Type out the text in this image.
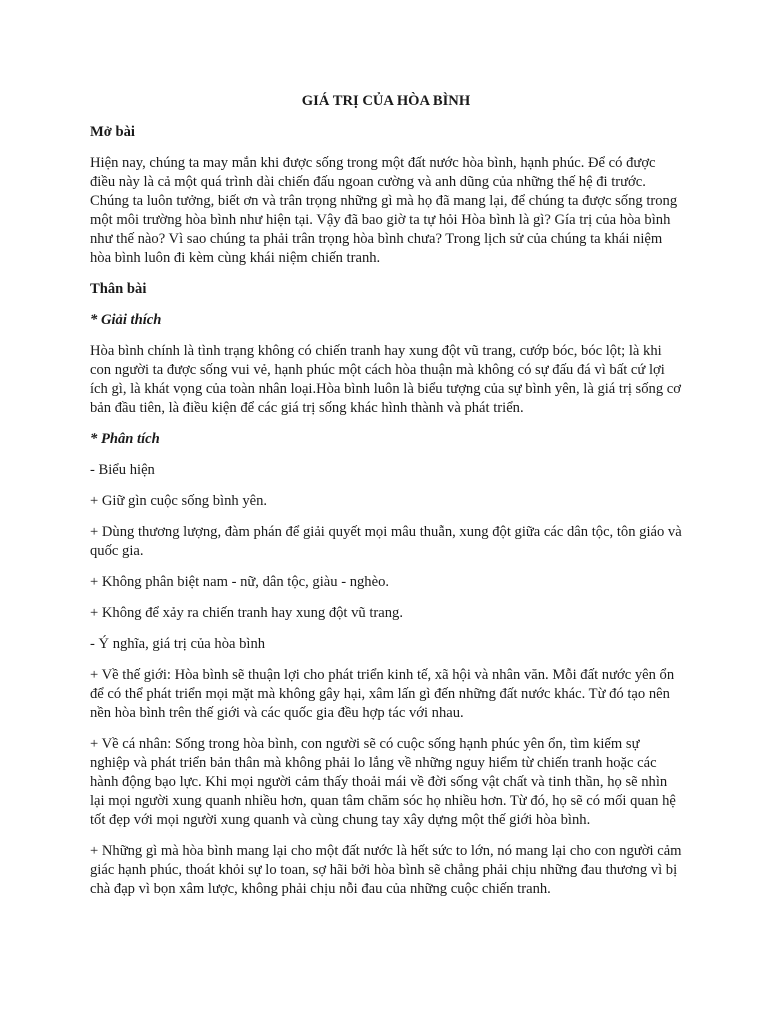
GIÁ TRỊ CỦA HÒA BÌNH
Mở bài

Hiện nay, chúng ta may mắn khi được sống trong một đất nước hòa bình, hạnh phúc. Để có được điều này là cả một quá trình dài chiến đấu ngoan cường và anh dũng của những thế hệ đi trước. Chúng ta luôn tưởng, biết ơn và trân trọng những gì mà họ đã mang lại, để chúng ta được sống trong một môi trường hòa bình như hiện tại. Vậy đã bao giờ ta tự hỏi Hòa bình là gì? Gía trị của hòa bình như thế nào? Vì sao chúng ta phải trân trọng hòa bình chưa? Trong lịch sử của chúng ta khái niệm hòa bình luôn đi kèm cùng khái niệm chiến tranh.

Thân bài
* Giải thích

Hòa bình chính là tình trạng không có chiến tranh hay xung đột vũ trang, cướp bóc, bóc lột; là khi con người ta được sống vui vẻ, hạnh phúc một cách hòa thuận mà không có sự đấu đá vì bất cứ lợi ích gì, là khát vọng của toàn nhân loại.Hòa bình luôn là biểu tượng của sự bình yên, là giá trị sống cơ bản đầu tiên, là điều kiện để các giá trị sống khác hình thành và phát triển.

* Phân tích

- Biểu hiện

+ Giữ gìn cuộc sống bình yên.

+ Dùng thương lượng, đàm phán để giải quyết mọi mâu thuẫn, xung đột giữa các dân tộc, tôn giáo và quốc gia.

+ Không phân biệt nam - nữ, dân tộc, giàu - nghèo.

+ Không để xảy ra chiến tranh hay xung đột vũ trang.

- Ý nghĩa, giá trị của hòa bình

+ Về thế giới: Hòa bình sẽ thuận lợi cho phát triển kinh tế, xã hội và nhân văn. Mỗi đất nước yên ổn để có thể phát triển mọi mặt mà không gây hại, xâm lấn gì đến những đất nước khác. Từ đó tạo nên nền hòa bình trên thế giới và các quốc gia đều hợp tác với nhau.

+ Về cá nhân: Sống trong hòa bình, con người sẽ có cuộc sống hạnh phúc yên ổn, tìm kiếm sự nghiệp và phát triển bản thân mà không phải lo lắng về những nguy hiểm từ chiến tranh hoặc các hành động bạo lực. Khi mọi người cảm thấy thoải mái về đời sống vật chất và tinh thần, họ sẽ nhìn lại mọi người xung quanh nhiều hơn, quan tâm chăm sóc họ nhiều hơn. Từ đó, họ sẽ có mối quan hệ tốt đẹp với mọi người xung quanh và cùng chung tay xây dựng một thế giới hòa bình.

+ Những gì mà hòa bình mang lại cho một đất nước là hết sức to lớn, nó mang lại cho con người cảm giác hạnh phúc, thoát khỏi sự lo toan, sợ hãi bởi hòa bình sẽ chẳng phải chịu những đau thương vì bị chà đạp vì bọn xâm lược, không phải chịu nỗi đau của những cuộc chiến tranh.
